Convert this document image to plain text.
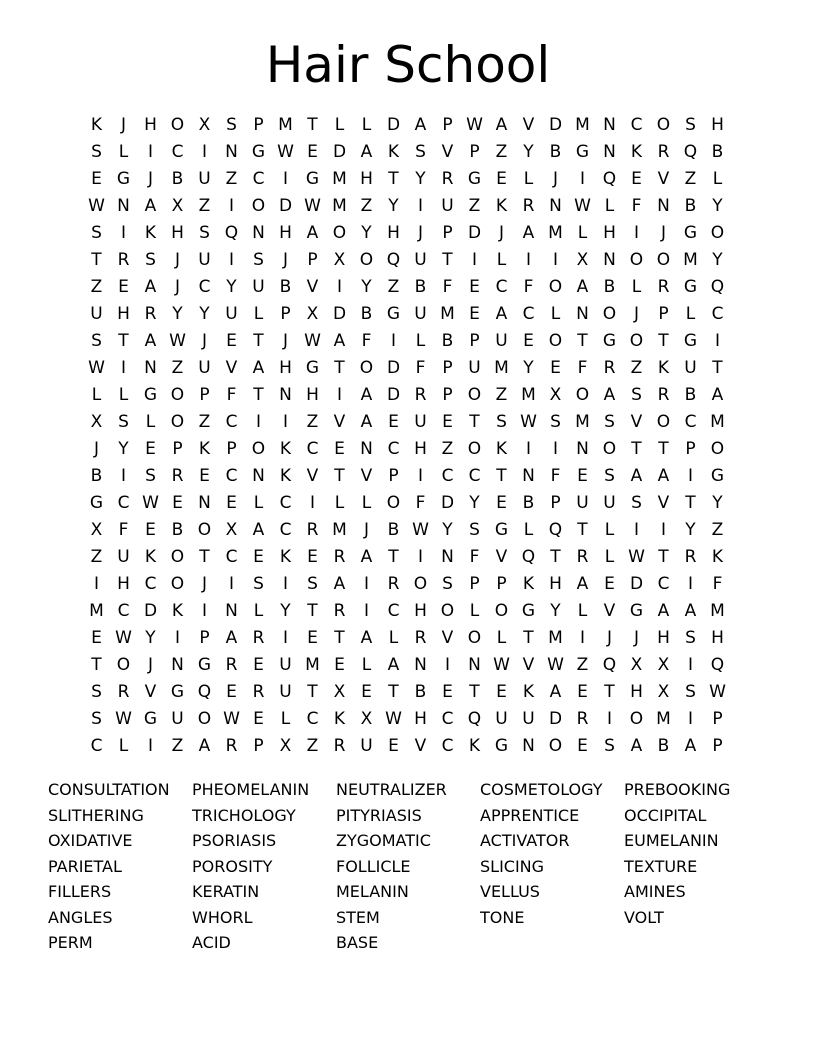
Hair School
K	J	H O X S P M T	L	L D A P W A V D M N C O S H
S L	I	C	I	N G W E D A K S V P Z Y B G N K R Q B
E G	J	B U Z C	I	G M H T Y R G E L	J	I	Q E V Z L
W N A X Z	I	O D W M Z Y	I	U Z K R N W L	F N B Y
S	I	K H S Q N H A O Y H	J	P D	J	A M L H	I	J	G O
T R S	J	U	I	S	J	P X O Q U T	I	L	I	I	X N O O M Y
Z E A	J	C Y U B V	I	Y Z B F E C F O A B L R G Q
U H R Y Y U L	P X D B G U M E A C L N O	J	P	L C
S T A W J	E T	J W A F	I	L B P U E O T G O T G	I
W I	N Z U V A H G T O D F P U M Y E F R Z K U T
L	L G O P F T N H	I	A D R P O Z M X O A S R B A
X S L O Z C	I	I	Z V A E U E T S W S M S V O C M
J	Y E P K P O K C E N C H Z O K	I	I	N O T T P O
B	I	S R E C N K V T V P	I	C C T N F E S A A	I	G
G C W E N E L C	I	L	L O F D Y E B P U U S V T Y
X F E B O X A C R M	J	B W Y S G L Q T	L	I	I	Y Z
Z U K O T C E K E R A T	I	N F V Q T R L W T R K
I	H C O	J	I	S	I	S A	I	R O S P P K H A E D C	I	F
M C D K	I	N L	Y T R	I	C H O L O G Y	L V G A A M
E W Y	I	P A R	I	E T A L R V O L	T M	I	J	J	H S H
T O	J	N G R E U M E L A N	I	N W V W Z Q X X	I	Q
S R V G Q E R U T X E T B E T E K A E T H X S W
S W G U O W E L C K X W H C Q U U D R	I	O M	I	P
C L	I	Z A R P X Z R U E V C K G N O E S A B A P
CONSULTATION	PHEOMELANIN	NEUTRALIZER	COSMETOLOGY	PREBOOKING
SLITHERING	TRICHOLOGY	PITYRIASIS	APPRENTICE	OCCIPITAL
OXIDATIVE	PSORIASIS	ZYGOMATIC	ACTIVATOR	EUMELANIN
PARIETAL	POROSITY	FOLLICLE	SLICING	TEXTURE
FILLERS	KERATIN	MELANIN	VELLUS	AMINES
ANGLES	WHORL	STEM	TONE	VOLT
PERM	ACID	BASE
